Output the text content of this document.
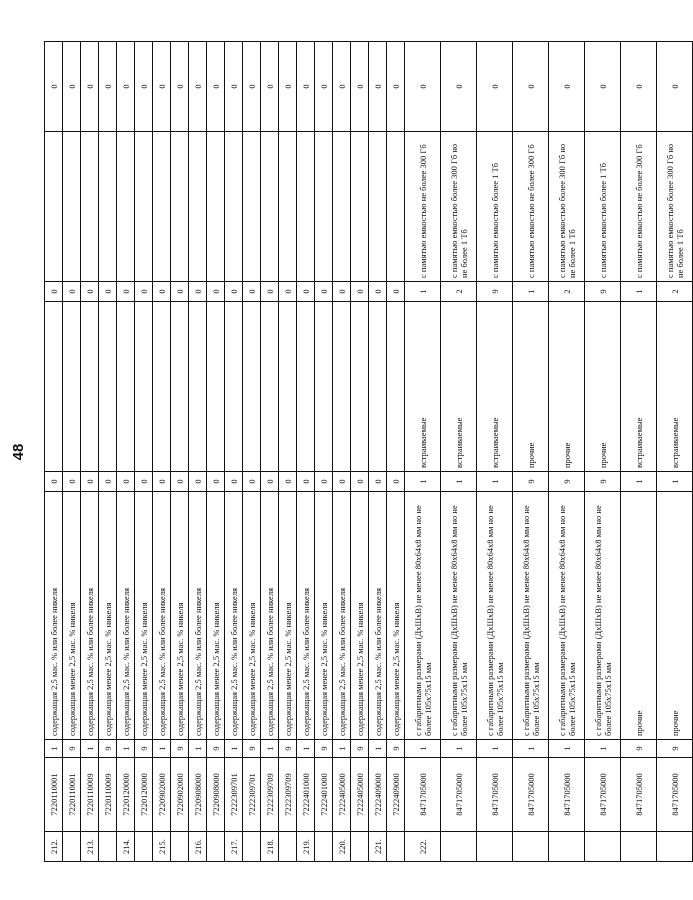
48
212.	7220110001	1	содержащая 2,5 мас. % или более никеля	0		0		0
	7220110001	9	содержащая менее 2,5 мас. % никеля	0		0		0
213.	7220110009	1	содержащая 2,5 мас. % или более никеля	0		0		0
	7220110009	9	содержащая менее 2,5 мас. % никеля	0		0		0
214.	7220120000	1	содержащая 2,5 мас. % или более никеля	0		0		0
	7220120000	9	содержащая менее 2,5 мас. % никеля	0		0		0
215.	7220902000	1	содержащая 2,5 мас. % или более никеля	0		0		0
	7220902000	9	содержащая менее 2,5 мас. % никеля	0		0		0
216.	7220908000	1	содержащая 2,5 мас. % или более никеля	0		0		0
	7220908000	9	содержащая менее 2,5 мас. % никеля	0		0		0
217.	7222309701	1	содержащая 2,5 мас. % или более никеля	0		0		0
	7222309701	9	содержащая менее 2,5 мас. % никеля	0		0		0
218.	7222309709	1	содержащая 2,5 мас. % или более никеля	0		0		0
	7222309709	9	содержащая менее 2,5 мас. % никеля	0		0		0
219.	7222401000	1	содержащая 2,5 мас. % или более никеля	0		0		0
	7222401000	9	содержащая менее 2,5 мас. % никеля	0		0		0
220.	7222405000	1	содержащая 2,5 мас. % или более никеля	0		0		0
	7222405000	9	содержащая менее 2,5 мас. % никеля	0		0		0
221.	7222409000	1	содержащая 2,5 мас. % или более никеля	0		0		0
	7222409000	9	содержащая менее 2,5 мас. % никеля	0		0		0
222.	8471705000	1	с габаритными размерами (ДхШхВ) не менее 80х64х8 мм но не более 105х75х15 мм	1	встраиваемые	1	с памятью емкостью не более 300 Гб	0
	8471705000	1	с габаритными размерами (ДхШхВ) не менее 80х64х8 мм но не более 105х75х15 мм	1	встраиваемые	2	с памятью емкостью более 300 Гб но не более 1 Тб	0
	8471705000	1	с габаритными размерами (ДхШхВ) не менее 80х64х8 мм но не более 105х75х15 мм	1	встраиваемые	9	с памятью емкостью более 1 Тб	0
	8471705000	1	с габаритными размерами (ДхШхВ) не менее 80х64х8 мм но не более 105х75х15 мм	9	прочие	1	с памятью емкостью не более 300 Гб	0
	8471705000	1	с габаритными размерами (ДхШхВ) не менее 80х64х8 мм но не более 105х75х15 мм	9	прочие	2	с памятью емкостью более 300 Гб но не более 1 Тб	0
	8471705000	1	с габаритными размерами (ДхШхВ) не менее 80х64х8 мм но не более 105х75х15 мм	9	прочие	9	с памятью емкостью более 1 Тб	0
	8471705000	9	прочие	1	встраиваемые	1	с памятью емкостью не более 300 Гб	0
	8471705000	9	прочие	1	встраиваемые	2	с памятью емкостью более 300 Гб но не более 1 Тб	0
